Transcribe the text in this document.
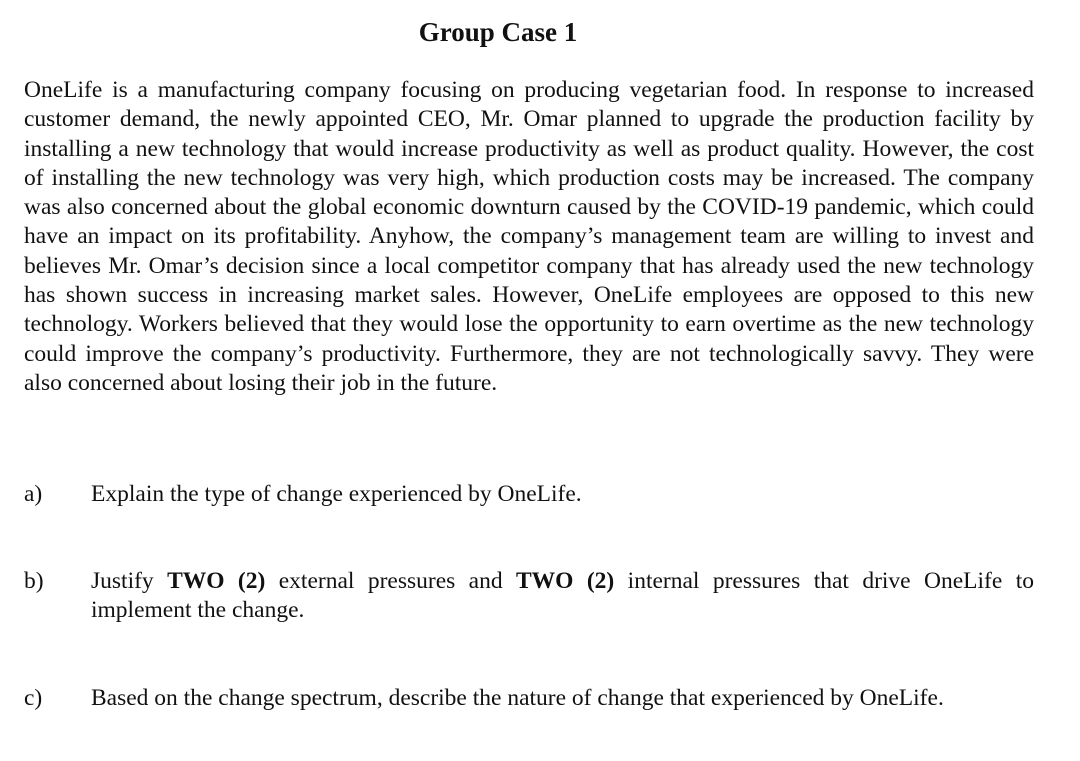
Group Case 1
OneLife is a manufacturing company focusing on producing vegetarian food. In response to increased customer demand, the newly appointed CEO, Mr. Omar planned to upgrade the production facility by installing a new technology that would increase productivity as well as product quality. However, the cost of installing the new technology was very high, which production costs may be increased. The company was also concerned about the global economic downturn caused by the COVID-19 pandemic, which could have an impact on its profitability. Anyhow, the company’s management team are willing to invest and believes Mr. Omar’s decision since a local competitor company that has already used the new technology has shown success in increasing market sales. However, OneLife employees are opposed to this new technology. Workers believed that they would lose the opportunity to earn overtime as the new technology could improve the company’s productivity. Furthermore, they are not technologically savvy. They were also concerned about losing their job in the future.
a) Explain the type of change experienced by OneLife.
b) Justify TWO (2) external pressures and TWO (2) internal pressures that drive OneLife to implement the change.
c) Based on the change spectrum, describe the nature of change that experienced by OneLife.
